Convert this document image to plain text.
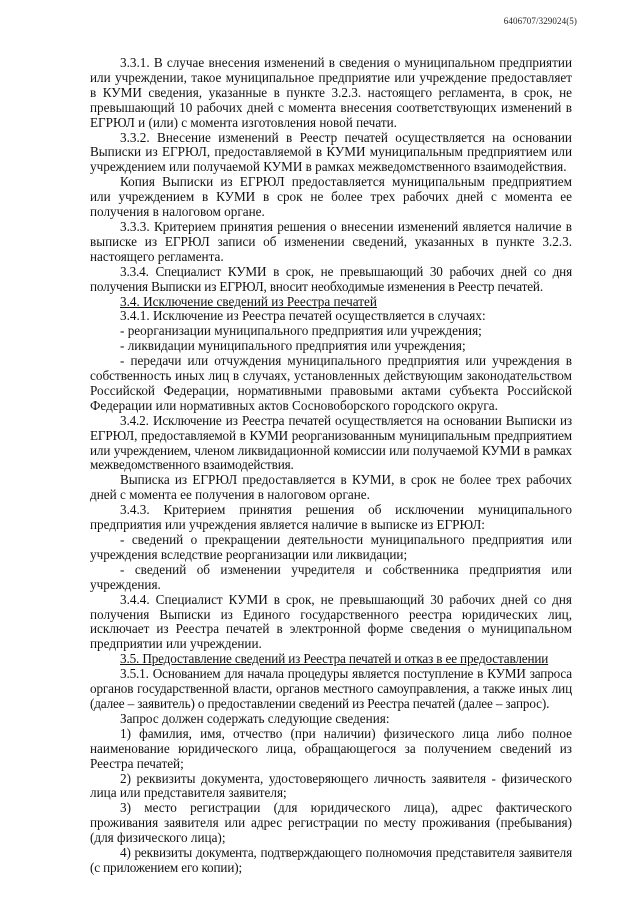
6406707/329024(5)

3.3.1. В случае внесения изменений в сведения о муниципальном предприятии или учреждении, такое муниципальное предприятие или учреждение предоставляет в КУМИ сведения, указанные в пункте 3.2.3. настоящего регламента, в срок, не превышающий 10 рабочих дней с момента внесения соответствующих изменений в ЕГРЮЛ и (или) с момента изготовления новой печати.

3.3.2. Внесение изменений в Реестр печатей осуществляется на основании Выписки из ЕГРЮЛ, предоставляемой в КУМИ муниципальным предприятием или учреждением или получаемой КУМИ в рамках межведомственного взаимодействия.

Копия Выписки из ЕГРЮЛ предоставляется муниципальным предприятием или учреждением в КУМИ в срок не более трех рабочих дней с момента ее получения в налоговом органе.

3.3.3. Критерием принятия решения о внесении изменений является наличие в выписке из ЕГРЮЛ записи об изменении сведений, указанных в пункте 3.2.3. настоящего регламента.

3.3.4. Специалист КУМИ в срок, не превышающий 30 рабочих дней со дня получения Выписки из ЕГРЮЛ, вносит необходимые изменения в Реестр печатей.

3.4. Исключение сведений из Реестра печатей

3.4.1. Исключение из Реестра печатей осуществляется в случаях:

- реорганизации муниципального предприятия или учреждения;

- ликвидации муниципального предприятия или учреждения;

- передачи или отчуждения муниципального предприятия или учреждения в собственность иных лиц в случаях, установленных действующим законодательством Российской Федерации, нормативными правовыми актами субъекта Российской Федерации или нормативных актов Сосновоборского городского округа.

3.4.2. Исключение из Реестра печатей осуществляется на основании Выписки из ЕГРЮЛ, предоставляемой в КУМИ реорганизованным муниципальным предприятием или учреждением, членом ликвидационной комиссии или получаемой КУМИ в рамках межведомственного взаимодействия.

Выписка из ЕГРЮЛ предоставляется в КУМИ, в срок не более трех рабочих дней с момента ее получения в налоговом органе.

3.4.3. Критерием принятия решения об исключении муниципального предприятия или учреждения является наличие в выписке из ЕГРЮЛ:

- сведений о прекращении деятельности муниципального предприятия или учреждения вследствие реорганизации или ликвидации;

- сведений об изменении учредителя и собственника предприятия или учреждения.

3.4.4. Специалист КУМИ в срок, не превышающий 30 рабочих дней со дня получения Выписки из Единого государственного реестра юридических лиц, исключает из Реестра печатей в электронной форме сведения о муниципальном предприятии или учреждении.

3.5. Предоставление сведений из Реестра печатей и отказ в ее предоставлении

3.5.1. Основанием для начала процедуры является поступление в КУМИ запроса органов государственной власти, органов местного самоуправления, а также иных лиц (далее – заявитель) о предоставлении сведений из Реестра печатей (далее – запрос).

Запрос должен содержать следующие сведения:

1) фамилия, имя, отчество (при наличии) физического лица либо полное наименование юридического лица, обращающегося за получением сведений из Реестра печатей;

2) реквизиты документа, удостоверяющего личность заявителя - физического лица или представителя заявителя;

3) место регистрации (для юридического лица), адрес фактического проживания заявителя или адрес регистрации по месту проживания (пребывания) (для физического лица);

4) реквизиты документа, подтверждающего полномочия представителя заявителя (с приложением его копии);
